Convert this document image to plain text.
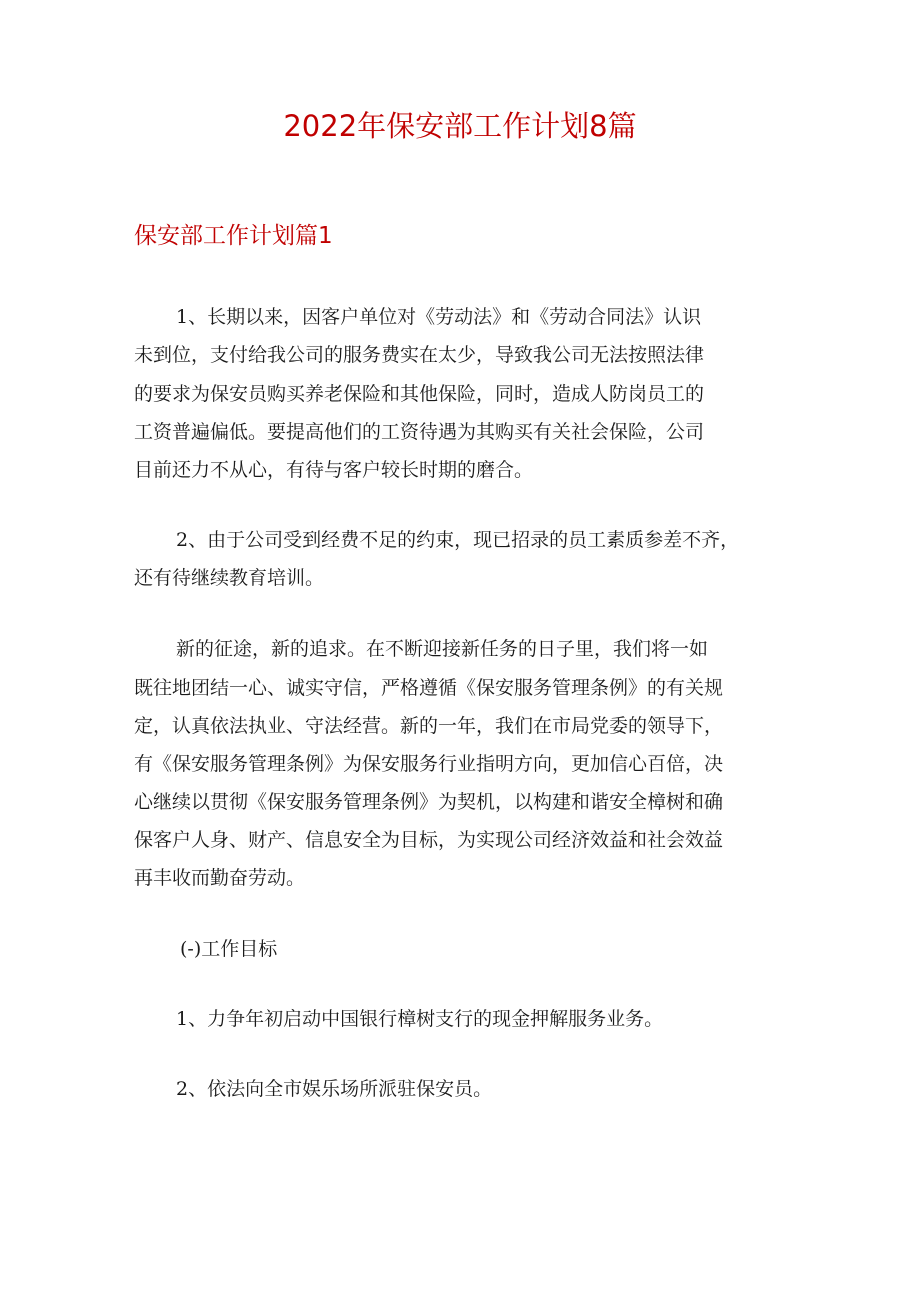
2022年保安部工作计划8篇
保安部工作计划篇1
1、长期以来，因客户单位对《劳动法》和《劳动合同法》认识
未到位，支付给我公司的服务费实在太少，导致我公司无法按照法律
的要求为保安员购买养老保险和其他保险，同时，造成人防岗员工的
工资普遍偏低。要提高他们的工资待遇为其购买有关社会保险，公司
目前还力不从心，有待与客户较长时期的磨合。
2、由于公司受到经费不足的约束，现已招录的员工素质参差不齐，
还有待继续教育培训。
新的征途，新的追求。在不断迎接新任务的日子里，我们将一如
既往地团结一心、诚实守信，严格遵循《保安服务管理条例》的有关规
定，认真依法执业、守法经营。新的一年，我们在市局党委的领导下，
有《保安服务管理条例》为保安服务行业指明方向，更加信心百倍，决
心继续以贯彻《保安服务管理条例》为契机，以构建和谐安全樟树和确
保客户人身、财产、信息安全为目标，为实现公司经济效益和社会效益
再丰收而勤奋劳动。
(-)工作目标
1、力争年初启动中国银行樟树支行的现金押解服务业务。
2、依法向全市娱乐场所派驻保安员。
